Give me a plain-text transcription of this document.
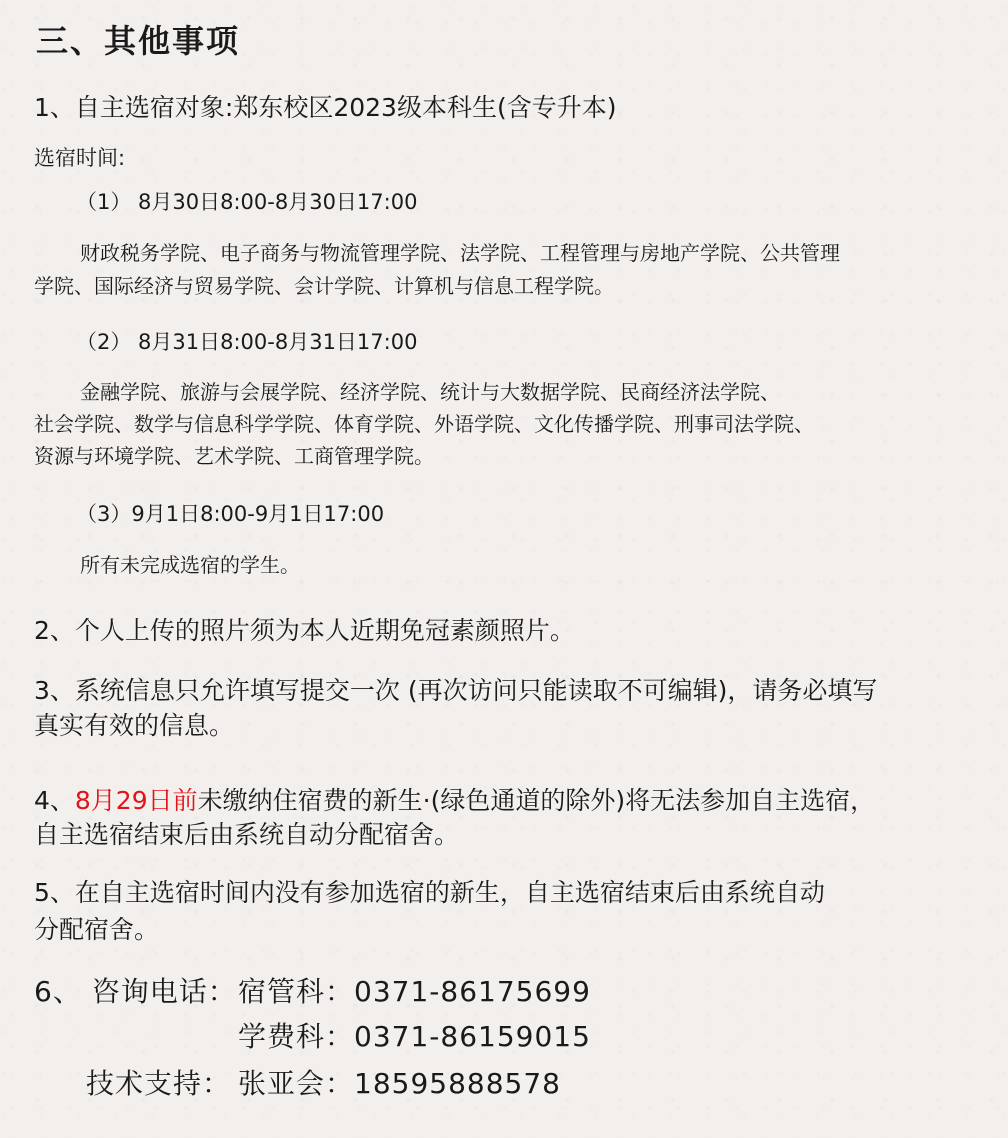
三、其他事项
1、自主选宿对象:郑东校区2023级本科生(含专升本)
选宿时间:
（1） 8月30日8:00-8月30日17:00
财政税务学院、电子商务与物流管理学院、法学院、工程管理与房地产学院、公共管理
学院、国际经济与贸易学院、会计学院、计算机与信息工程学院。
（2） 8月31日8:00-8月31日17:00
金融学院、旅游与会展学院、经济学院、统计与大数据学院、民商经济法学院、
社会学院、数学与信息科学学院、体育学院、外语学院、文化传播学院、刑事司法学院、
资源与环境学院、艺术学院、工商管理学院。
（3）9月1日8:00-9月1日17:00
所有未完成选宿的学生。
2、个人上传的照片须为本人近期免冠素颜照片。
3、系统信息只允许填写提交一次 (再次访问只能读取不可编辑)，请务必填写
真实有效的信息。
4、8月29日前未缴纳住宿费的新生·(绿色通道的除外)将无法参加自主选宿，
自主选宿结束后由系统自动分配宿舍。
5、在自主选宿时间内没有参加选宿的新生，自主选宿结束后由系统自动
分配宿舍。
6、 咨询电话： 宿管科：0371-86175699
学费科：0371-86159015
技术支持： 张亚会：18595888578
